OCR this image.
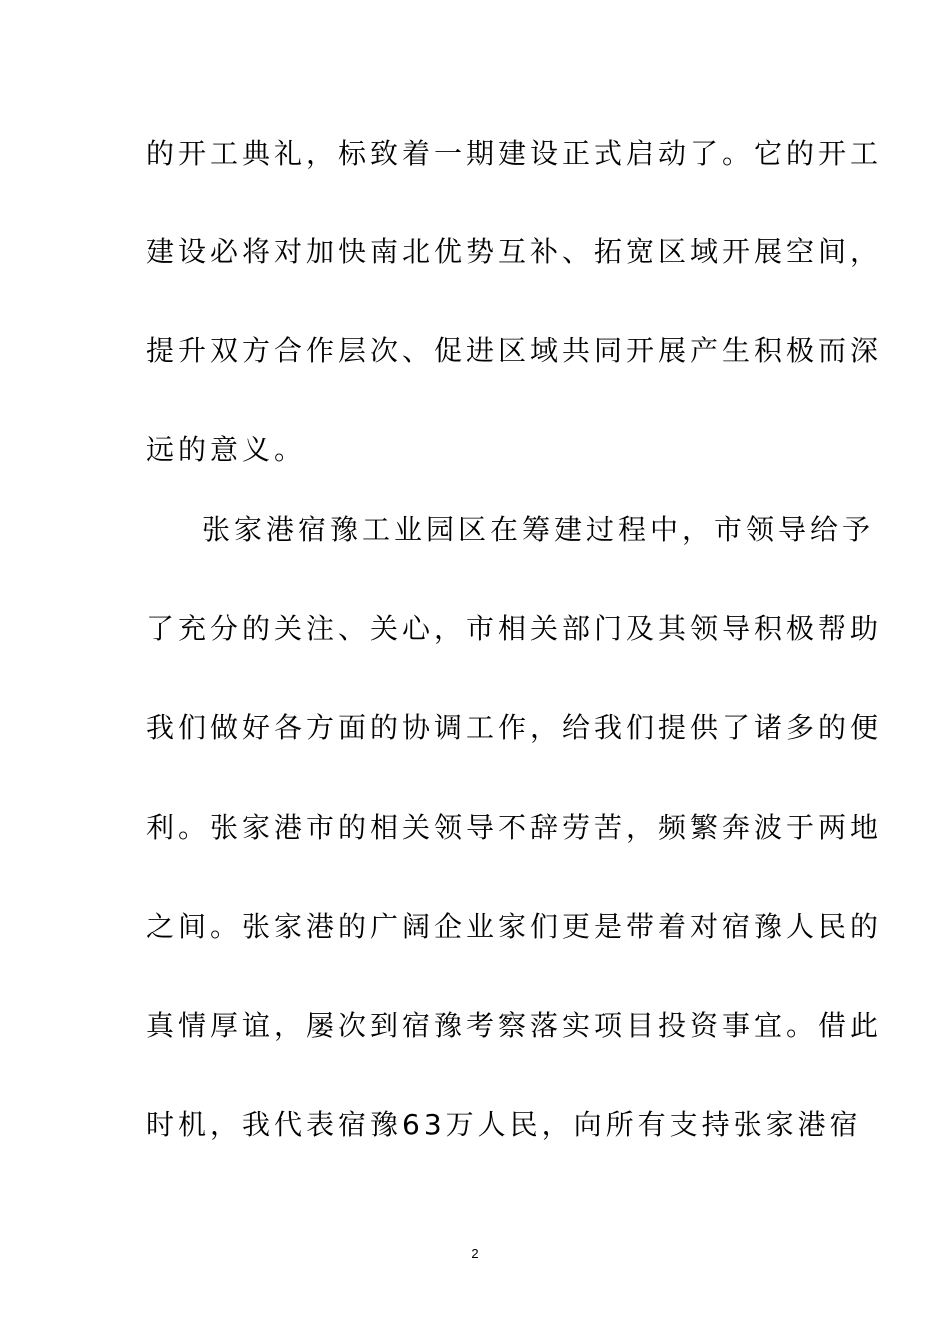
的开工典礼，标致着一期建设正式启动了。它的开工
建设必将对加快南北优势互补、拓宽区域开展空间，
提升双方合作层次、促进区域共同开展产生积极而深
远的意义。
张家港宿豫工业园区在筹建过程中，市领导给予
了充分的关注、关心，市相关部门及其领导积极帮助
我们做好各方面的协调工作，给我们提供了诸多的便
利。张家港市的相关领导不辞劳苦，频繁奔波于两地
之间。张家港的广阔企业家们更是带着对宿豫人民的
真情厚谊，屡次到宿豫考察落实项目投资事宜。借此
时机，我代表宿豫63万人民，向所有支持张家港宿
2
